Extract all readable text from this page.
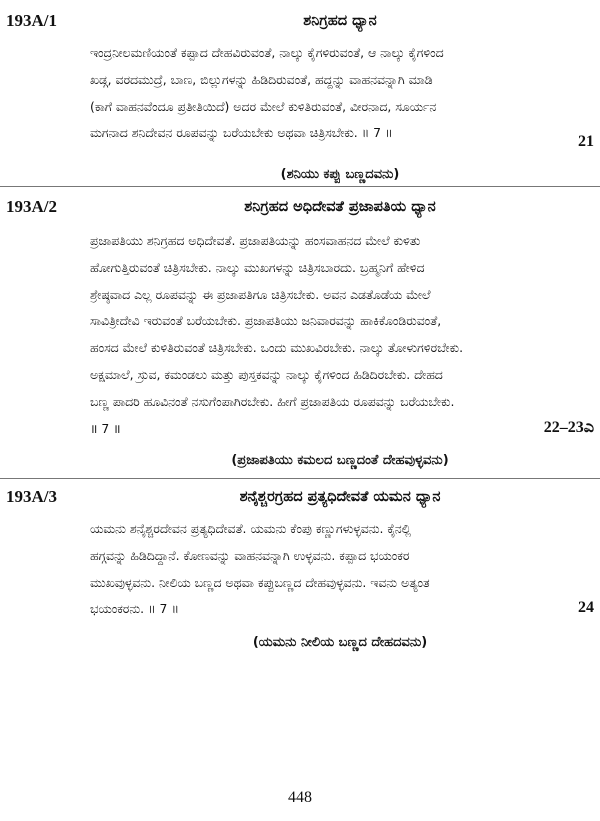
193A/1	ಶನಿಗ್ರಹದ ಧ್ಯಾನ
ಇಂದ್ರನೀಲಮಣಿಯಂತೆ ಕಪ್ಪಾದ ದೇಹವಿರುವಂತೆ, ನಾಲ್ಕು ಕೈಗಳಿರುವಂತೆ, ಆ ನಾಲ್ಕು ಕೈಗಳಿಂದ
ಖಡ್ಗ, ವರದಮುದ್ರೆ, ಬಾಣ, ಬಿಲ್ಲುಗಳನ್ನು ಹಿಡಿದಿರುವಂತೆ, ಹದ್ದನ್ನು ವಾಹನವನ್ನಾಗಿ ಮಾಡಿ
(ಕಾಗೆ ವಾಹನವೆಂದೂ ಪ್ರತೀತಿಯಿದೆ) ಅದರ ಮೇಲೆ ಕುಳಿತಿರುವಂತೆ, ವೀರನಾದ, ಸೂರ್ಯನ
ಮಗನಾದ ಶನಿದೇವನ ರೂಪವನ್ನು ಬರೆಯಬೇಕು ಅಥವಾ ಚಿತ್ರಿಸಬೇಕು. ॥ 7 ॥
21
(ಶನಿಯು ಕಪ್ಪು ಬಣ್ಣದವನು)
193A/2	ಶನಿಗ್ರಹದ ಅಧಿದೇವತೆ ಪ್ರಜಾಪತಿಯ ಧ್ಯಾನ
ಪ್ರಜಾಪತಿಯು ಶನಿಗ್ರಹದ ಅಧಿದೇವತೆ. ಪ್ರಜಾಪತಿಯನ್ನು ಹಂಸವಾಹನದ ಮೇಲೆ ಕುಳಿತು
ಹೋಗುತ್ತಿರುವಂತೆ ಚಿತ್ರಿಸಬೇಕು. ನಾಲ್ಕು ಮುಖಗಳನ್ನು ಚಿತ್ರಿಸಬಾರದು. ಬ್ರಹ್ಮನಿಗೆ ಹೇಳಿದ
ಶ್ರೇಷ್ಠವಾದ ಎಲ್ಲ ರೂಪವನ್ನು ಈ ಪ್ರಜಾಪತಿಗೂ ಚಿತ್ರಿಸಬೇಕು. ಅವನ ಎಡತೊಡೆಯ ಮೇಲೆ
ಸಾವಿತ್ರೀದೇವಿ ಇರುವಂತೆ ಬರೆಯಬೇಕು. ಪ್ರಜಾಪತಿಯು ಜನಿವಾರವನ್ನು ಹಾಕಿಕೊಂಡಿರುವಂತೆ,
ಹಂಸದ ಮೇಲೆ ಕುಳಿತಿರುವಂತೆ ಚಿತ್ರಿಸಬೇಕು. ಒಂದು ಮುಖವಿರಬೇಕು. ನಾಲ್ಕು ತೋಳುಗಳಿರಬೇಕು.
ಅಕ್ಷಮಾಲೆ, ಸ್ರುವ, ಕಮಂಡಲು ಮತ್ತು ಪುಸ್ತಕವನ್ನು ನಾಲ್ಕು ಕೈಗಳಿಂದ ಹಿಡಿದಿರಬೇಕು. ದೇಹದ
ಬಣ್ಣ ಪಾದರಿ ಹೂವಿನಂತೆ ನಸುಗೆಂಪಾಗಿರಬೇಕು. ಹೀಗೆ ಪ್ರಜಾಪತಿಯ ರೂಪವನ್ನು ಬರೆಯಬೇಕು.
॥ 7 ॥	22–23ಎ
(ಪ್ರಜಾಪತಿಯು ಕಮಲದ ಬಣ್ಣದಂತೆ ದೇಹವುಳ್ಳವನು)
193A/3	ಶನೈಶ್ಚರಗ್ರಹದ ಪ್ರತ್ಯಧಿದೇವತೆ ಯಮನ ಧ್ಯಾನ
ಯಮನು ಶನೈಶ್ಚರದೇವನ ಪ್ರತ್ಯಧಿದೇವತೆ. ಯಮನು ಕೆಂಪು ಕಣ್ಣುಗಳುಳ್ಳವನು. ಕೈನಲ್ಲಿ
ಹಗ್ಗವನ್ನು ಹಿಡಿದಿದ್ದಾನೆ. ಕೋಣವನ್ನು ವಾಹನವನ್ನಾಗಿ ಉಳ್ಳವನು. ಕಪ್ಪಾದ ಭಯಂಕರ
ಮುಖವುಳ್ಳವನು. ನೀಲಿಯ ಬಣ್ಣದ ಅಥವಾ ಕಪ್ಪುಬಣ್ಣದ ದೇಹವುಳ್ಳವನು. ಇವನು ಅತ್ಯಂತ
ಭಯಂಕರನು. ॥ 7 ॥	24
(ಯಮನು ನೀಲಿಯ ಬಣ್ಣದ ದೇಹದವನು)
448
